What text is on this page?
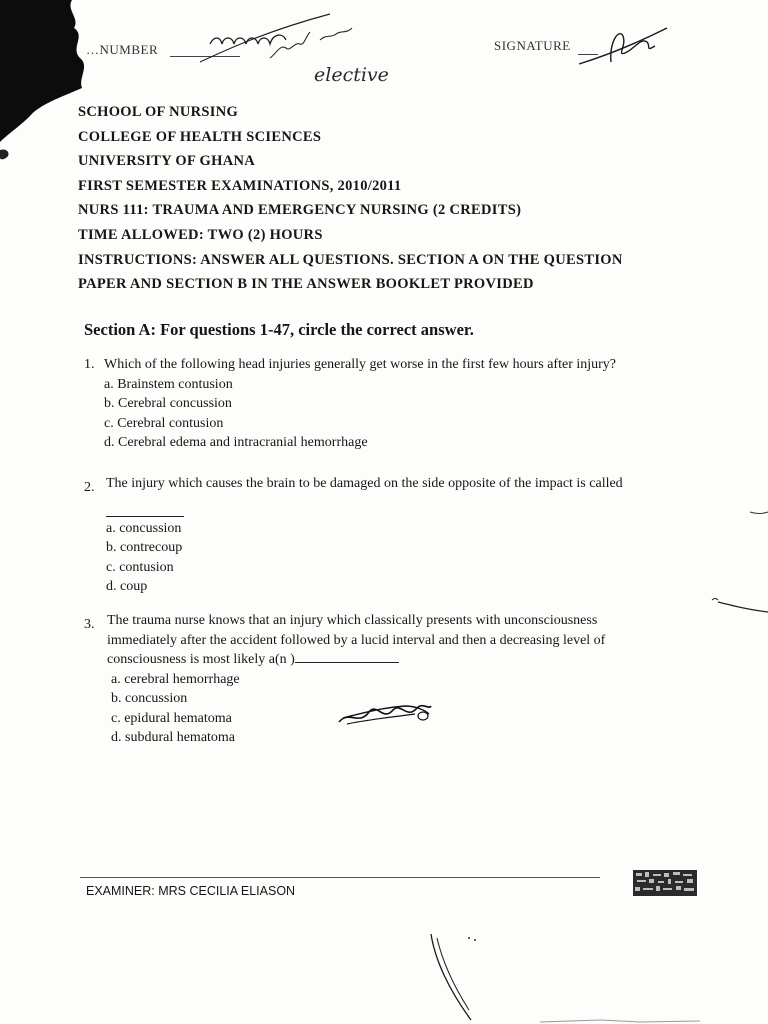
…NUMBER	SIGNATURE
elective
SCHOOL OF NURSING
COLLEGE OF HEALTH SCIENCES
UNIVERSITY OF GHANA
FIRST SEMESTER EXAMINATIONS, 2010/2011
NURS 111: TRAUMA AND EMERGENCY NURSING (2 CREDITS)
TIME ALLOWED: TWO (2) HOURS
INSTRUCTIONS: ANSWER ALL QUESTIONS. SECTION A ON THE QUESTION
PAPER AND SECTION B IN THE ANSWER BOOKLET PROVIDED
Section A: For questions 1-47, circle the correct answer.
1. Which of the following head injuries generally get worse in the first few hours after injury?
a. Brainstem contusion
b. Cerebral concussion
c. Cerebral contusion
d. Cerebral edema and intracranial hemorrhage
2. The injury which causes the brain to be damaged on the side opposite of the impact is called
a. concussion
b. contrecoup
c. contusion
d. coup
3. The trauma nurse knows that an injury which classically presents with unconsciousness
immediately after the accident followed by a lucid interval and then a decreasing level of
consciousness is most likely a(n )
a. cerebral hemorrhage
b. concussion
c. epidural hematoma
d. subdural hematoma
EXAMINER: MRS CECILIA ELIASON
